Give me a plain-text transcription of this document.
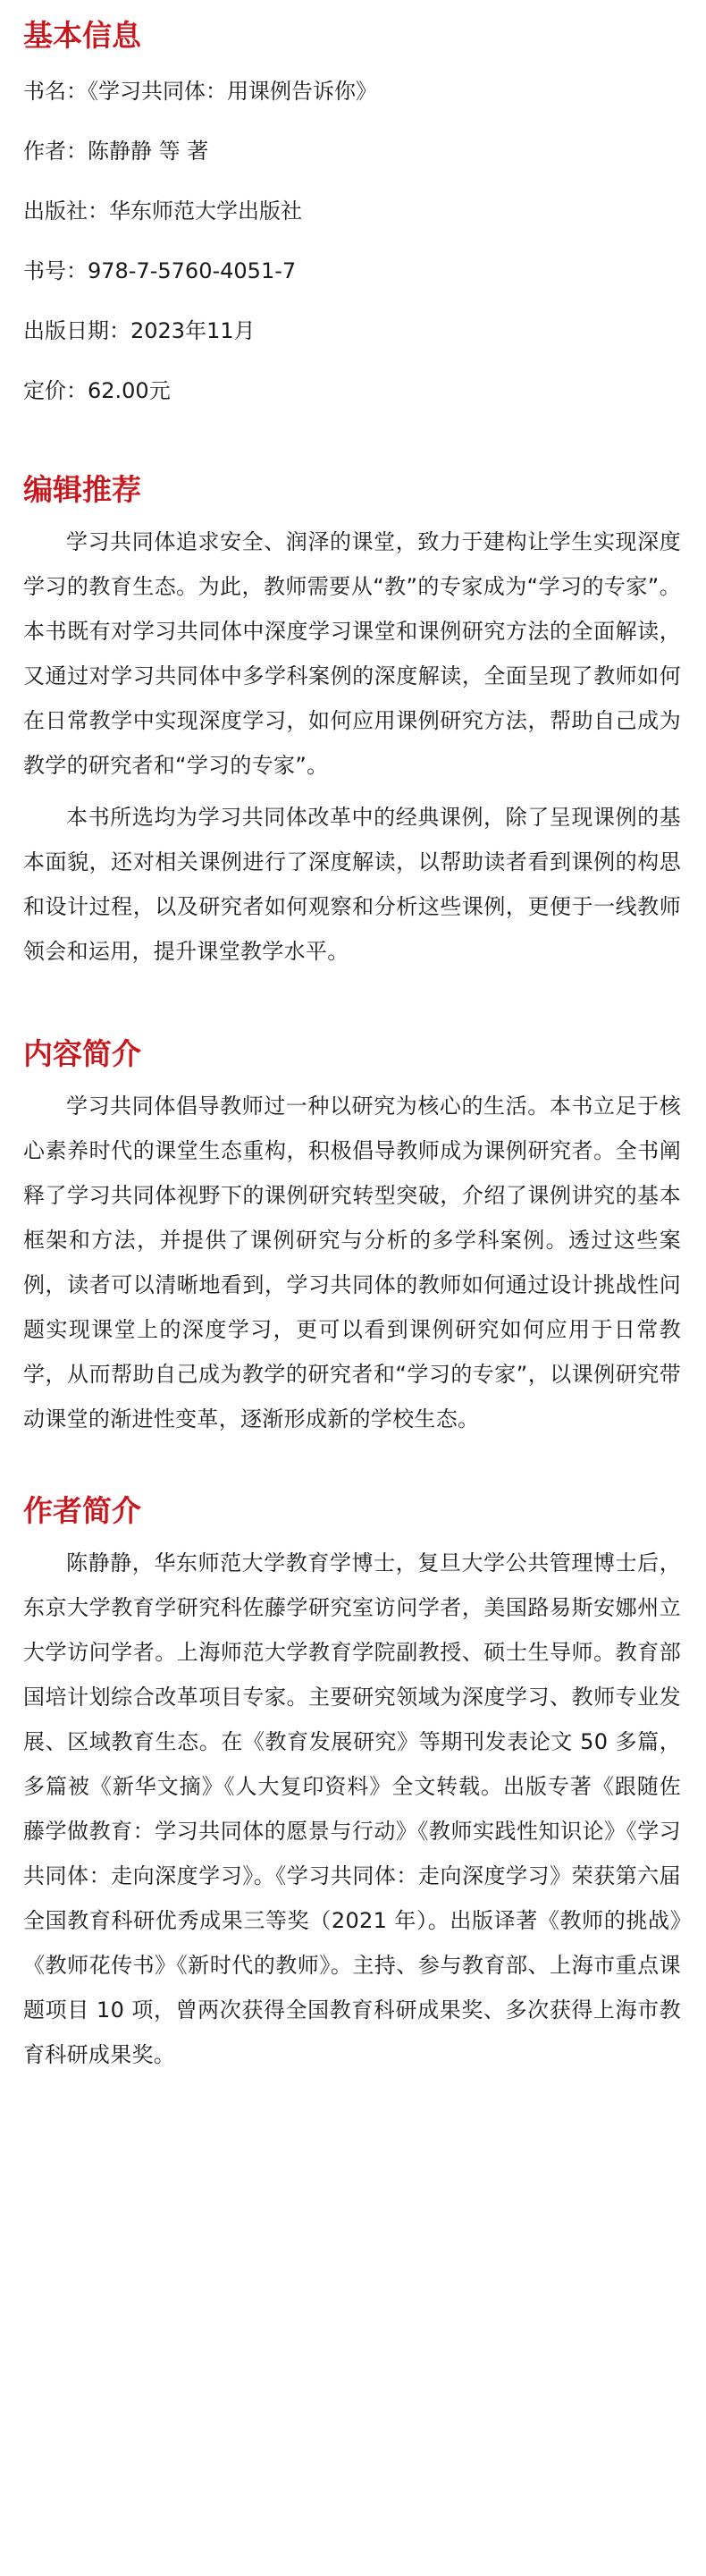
基本信息

书名：《学习共同体：用课例告诉你》

作者：陈静静 等 著

出版社：华东师范大学出版社

书号：978-7-5760-4051-7

出版日期：2023年11月

定价：62.00元

编辑推荐

学习共同体追求安全、润泽的课堂，致力于建构让学生实现深度学习的教育生态。为此，教师需要从“教”的专家成为“学习的专家”。本书既有对学习共同体中深度学习课堂和课例研究方法的全面解读，又通过对学习共同体中多学科案例的深度解读，全面呈现了教师如何在日常教学中实现深度学习，如何应用课例研究方法，帮助自己成为教学的研究者和“学习的专家”。

本书所选均为学习共同体改革中的经典课例，除了呈现课例的基本面貌，还对相关课例进行了深度解读，以帮助读者看到课例的构思和设计过程，以及研究者如何观察和分析这些课例，更便于一线教师领会和运用，提升课堂教学水平。

内容简介

学习共同体倡导教师过一种以研究为核心的生活。本书立足于核心素养时代的课堂生态重构，积极倡导教师成为课例研究者。全书阐释了学习共同体视野下的课例研究转型突破，介绍了课例讲究的基本框架和方法，并提供了课例研究与分析的多学科案例。透过这些案例，读者可以清晰地看到，学习共同体的教师如何通过设计挑战性问题实现课堂上的深度学习，更可以看到课例研究如何应用于日常教学，从而帮助自己成为教学的研究者和“学习的专家”，以课例研究带动课堂的渐进性变革，逐渐形成新的学校生态。

作者简介

陈静静，华东师范大学教育学博士，复旦大学公共管理博士后，东京大学教育学研究科佐藤学研究室访问学者，美国路易斯安娜州立大学访问学者。上海师范大学教育学院副教授、硕士生导师。教育部国培计划综合改革项目专家。主要研究领域为深度学习、教师专业发展、区域教育生态。在《教育发展研究》等期刊发表论文 50 多篇，多篇被《新华文摘》《人大复印资料》全文转载。出版专著《跟随佐藤学做教育：学习共同体的愿景与行动》《教师实践性知识论》《学习共同体：走向深度学习》。《学习共同体：走向深度学习》荣获第六届全国教育科研优秀成果三等奖（2021 年）。出版译著《教师的挑战》《教师花传书》《新时代的教师》。主持、参与教育部、上海市重点课题项目 10 项，曾两次获得全国教育科研成果奖、多次获得上海市教育科研成果奖。
